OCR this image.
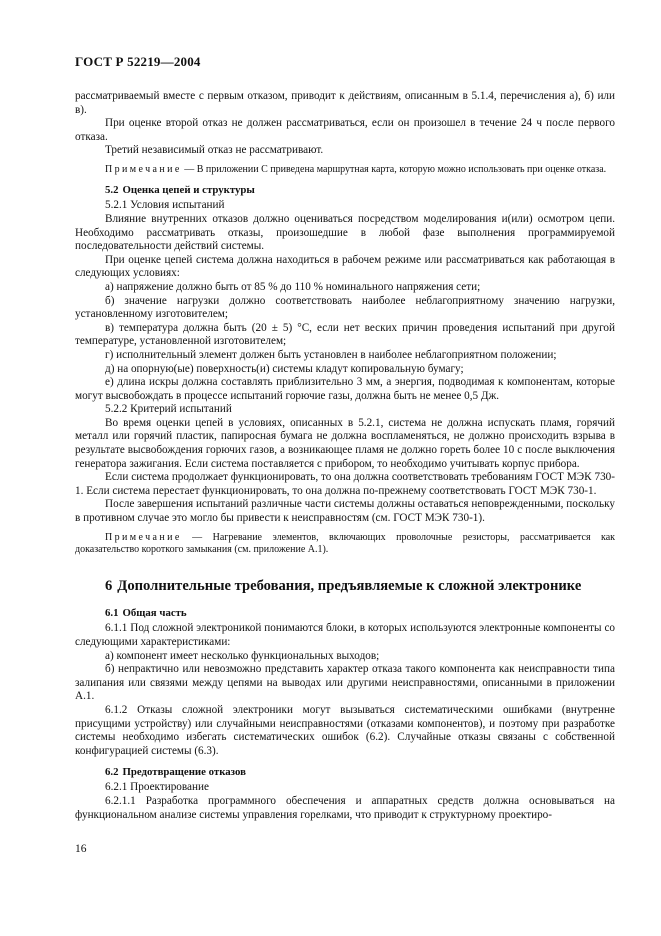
ГОСТ Р 52219—2004

рассматриваемый вместе с первым отказом, приводит к действиям, описанным в 5.1.4, перечисления а), б) или в).

При оценке второй отказ не должен рассматриваться, если он произошел в течение 24 ч после первого отказа.

Третий независимый отказ не рассматривают.

Примечание — В приложении С приведена маршрутная карта, которую можно использовать при оценке отказа.

5.2 Оценка цепей и структуры

5.2.1 Условия испытаний

Влияние внутренних отказов должно оцениваться посредством моделирования и(или) осмотром цепи. Необходимо рассматривать отказы, произошедшие в любой фазе выполнения программируемой последовательности действий системы.

При оценке цепей система должна находиться в рабочем режиме или рассматриваться как работающая в следующих условиях:

а) напряжение должно быть от 85 % до 110 % номинального напряжения сети;

б) значение нагрузки должно соответствовать наиболее неблагоприятному значению нагрузки, установленному изготовителем;

в) температура должна быть (20 ± 5) °С, если нет веских причин проведения испытаний при другой температуре, установленной изготовителем;

г) исполнительный элемент должен быть установлен в наиболее неблагоприятном положении;

д) на опорную(ые) поверхность(и) системы кладут копировальную бумагу;

е) длина искры должна составлять приблизительно 3 мм, а энергия, подводимая к компонентам, которые могут высвобождать в процессе испытаний горючие газы, должна быть не менее 0,5 Дж.

5.2.2 Критерий испытаний

Во время оценки цепей в условиях, описанных в 5.2.1, система не должна испускать пламя, горячий металл или горячий пластик, папиросная бумага не должна воспламеняться, не должно происходить взрыва в результате высвобождения горючих газов, а возникающее пламя не должно гореть более 10 с после выключения генератора зажигания. Если система поставляется с прибором, то необходимо учитывать корпус прибора.

Если система продолжает функционировать, то она должна соответствовать требованиям ГОСТ МЭК 730-1. Если система перестает функционировать, то она должна по-прежнему соответствовать ГОСТ МЭК 730-1.

После завершения испытаний различные части системы должны оставаться неповрежденными, поскольку в противном случае это могло бы привести к неисправностям (см. ГОСТ МЭК 730-1).

Примечание — Нагревание элементов, включающих проволочные резисторы, рассматривается как доказательство короткого замыкания (см. приложение А.1).

6 Дополнительные требования, предъявляемые к сложной электронике
6.1 Общая часть

6.1.1 Под сложной электроникой понимаются блоки, в которых используются электронные компоненты со следующими характеристиками:

а) компонент имеет несколько функциональных выходов;

б) непрактично или невозможно представить характер отказа такого компонента как неисправности типа залипания или связями между цепями на выводах или другими неисправностями, описанными в приложении А.1.

6.1.2 Отказы сложной электроники могут вызываться систематическими ошибками (внутренне присущими устройству) или случайными неисправностями (отказами компонентов), и поэтому при разработке системы необходимо избегать систематических ошибок (6.2). Случайные отказы связаны с собственной конфигурацией системы (6.3).

6.2 Предотвращение отказов

6.2.1 Проектирование

6.2.1.1 Разработка программного обеспечения и аппаратных средств должна основываться на функциональном анализе системы управления горелками, что приводит к структурному проектиро-

16
